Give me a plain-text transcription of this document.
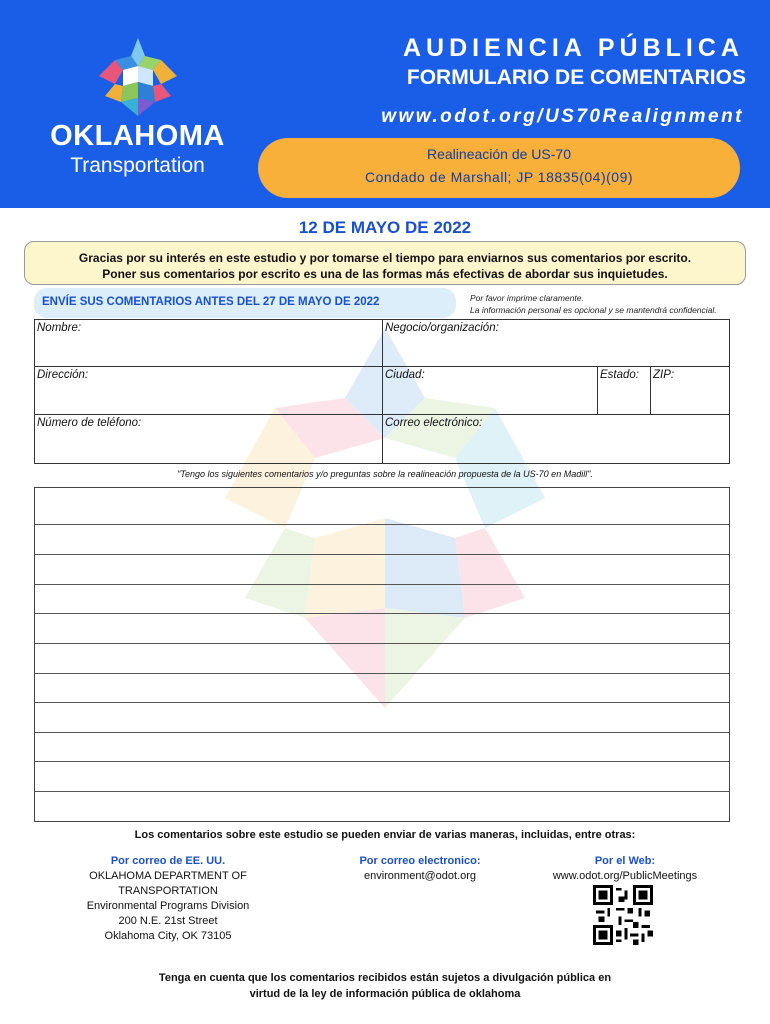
OKLAHOMA
Transportation
AUDIENCIA PÚBLICA
FORMULARIO DE COMENTARIOS
www.odot.org/US70Realignment
Realineación de US-70
Condado de Marshall; JP 18835(04)(09)
12 DE MAYO DE 2022
Gracias por su interés en este estudio y por tomarse el tiempo para enviarnos sus comentarios por escrito.
Poner sus comentarios por escrito es una de las formas más efectivas de abordar sus inquietudes.
ENVÍE SUS COMENTARIOS ANTES DEL 27 DE MAYO DE 2022	Por favor imprime claramente.
La información personal es opcional y se mantendrá confidencial.
Nombre:	Negocio/organización:
Dirección:	Ciudad:	Estado:	ZIP:
Número de teléfono:	Correo electrónico:
"Tengo los siguientes comentarios y/o preguntas sobre la realineación propuesta de la US-70 en Madill".
Los comentarios sobre este estudio se pueden enviar de varias maneras, incluidas, entre otras:
Por correo de EE. UU.
OKLAHOMA DEPARTMENT OF TRANSPORTATION
Environmental Programs Division
200 N.E. 21st Street
Oklahoma City, OK 73105
Por correo electronico:
environment@odot.org
Por el Web:
www.odot.org/PublicMeetings
Tenga en cuenta que los comentarios recibidos están sujetos a divulgación pública en
virtud de la ley de información pública de oklahoma
